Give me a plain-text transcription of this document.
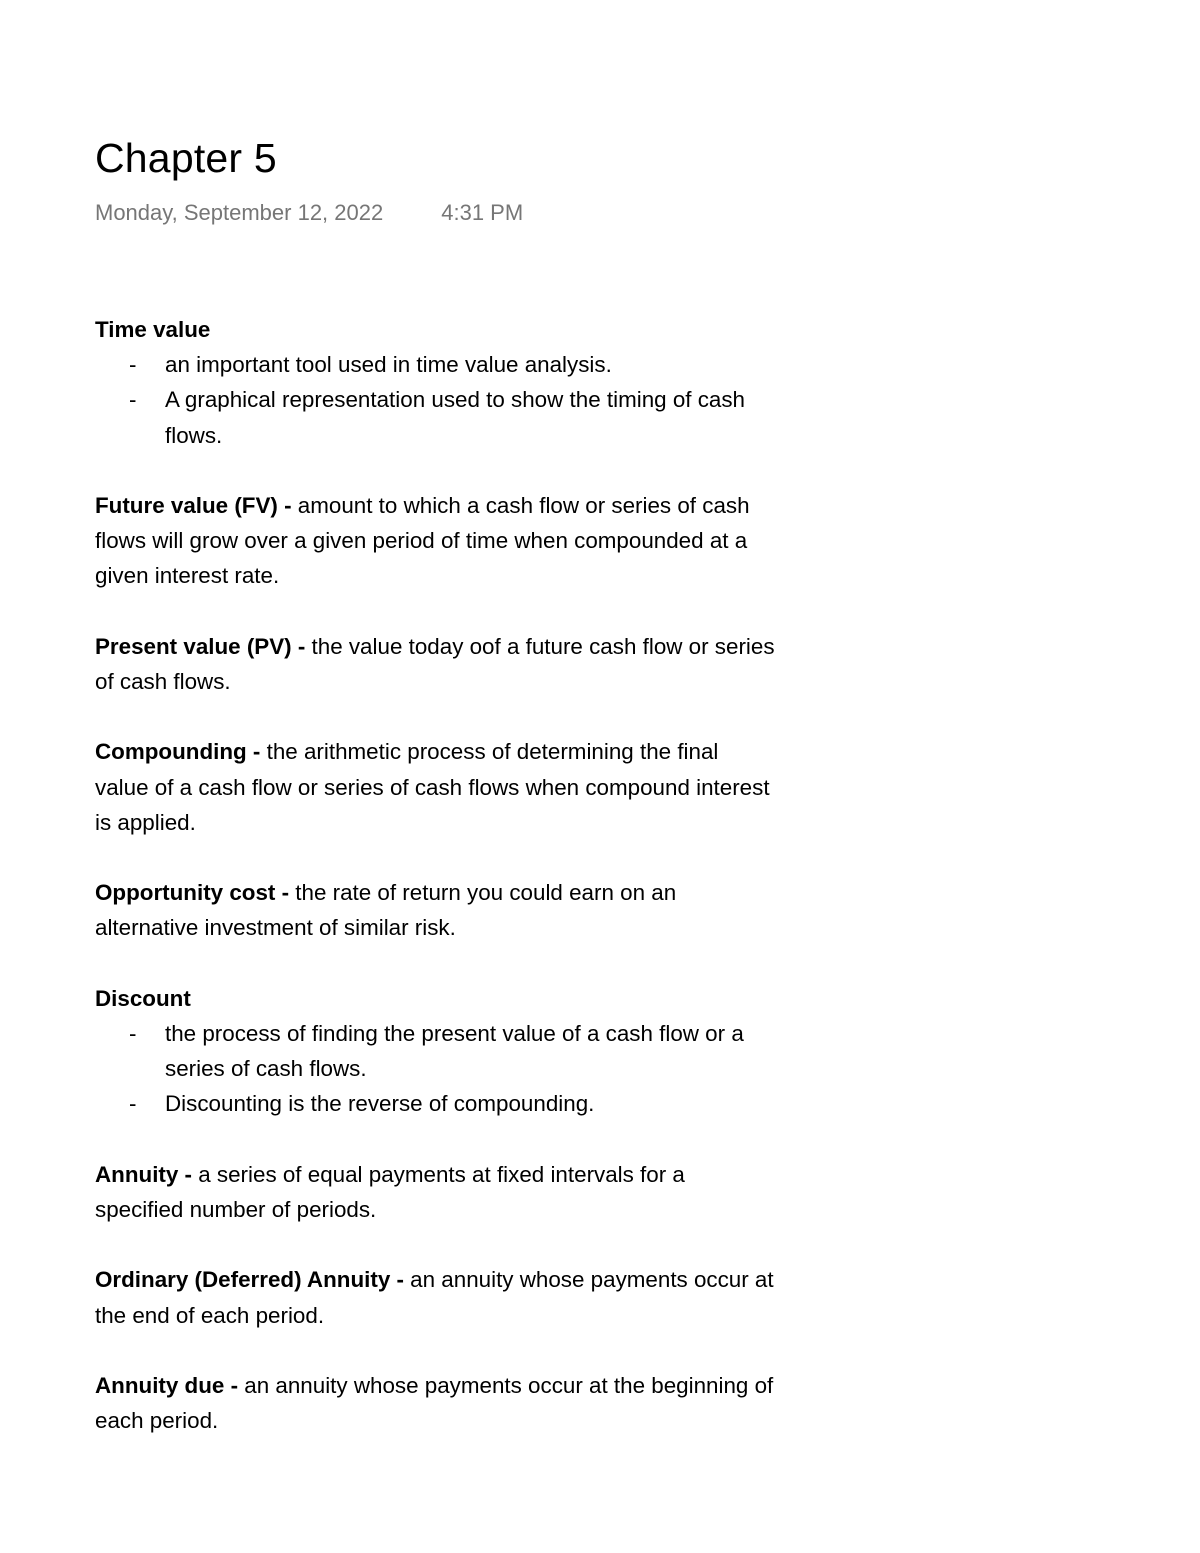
Chapter 5
Monday, September 12, 2022	4:31 PM
Time value
- an important tool used in time value analysis.
- A graphical representation used to show the timing of cash flows.
Future value (FV) - amount to which a cash flow or series of cash flows will grow over a given period of time when compounded at a given interest rate.
Present value (PV) - the value today oof a future cash flow or series of cash flows.
Compounding - the arithmetic process of determining the final value of a cash flow or series of cash flows when compound interest is applied.
Opportunity cost - the rate of return you could earn on an alternative investment of similar risk.
Discount
- the process of finding the present value of a cash flow or a series of cash flows.
- Discounting is the reverse of compounding.
Annuity - a series of equal payments at fixed intervals for a specified number of periods.
Ordinary (Deferred) Annuity - an annuity whose payments occur at the end of each period.
Annuity due - an annuity whose payments occur at the beginning of each period.
